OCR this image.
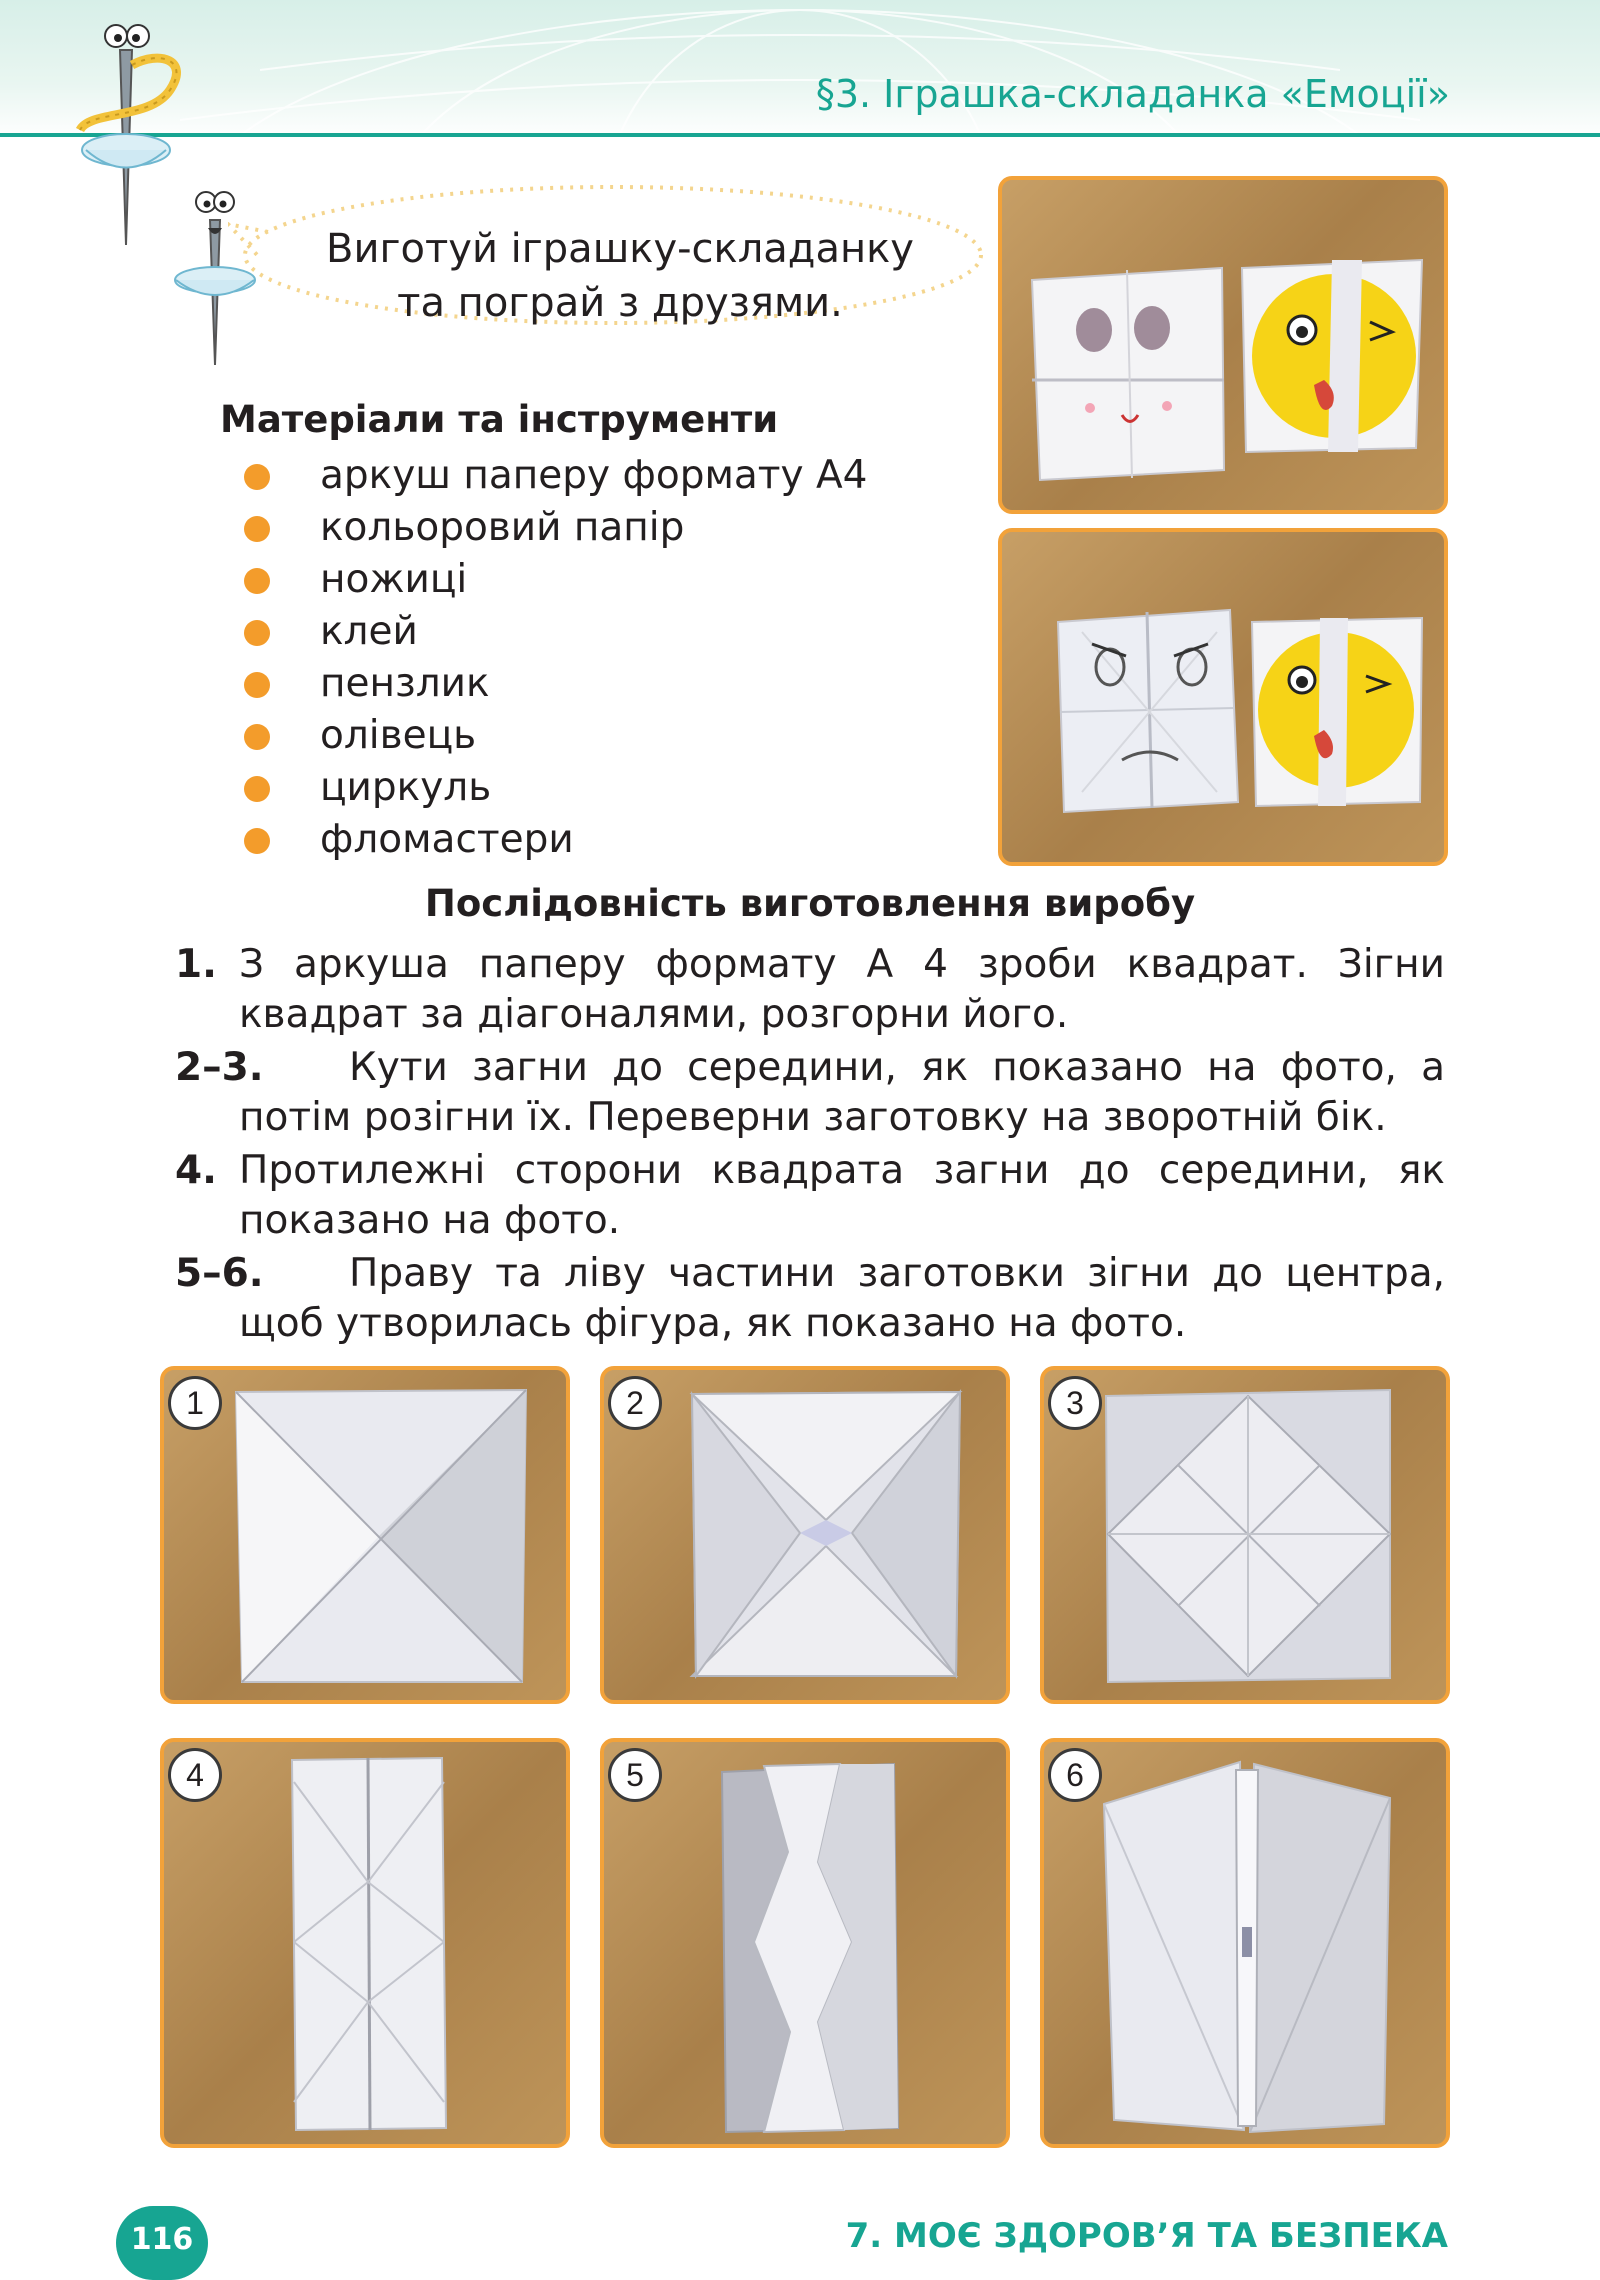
§3. Іграшка-складанка «Емоції»
Виготуй іграшку-складанку
та пограй з друзями.
Матеріали та інструменти
аркуш паперу формату А4
кольоровий папір
ножиці
клей
пензлик
олівець
циркуль
фломастери
Послідовність виготовлення виробу
1. З аркуша паперу формату А 4 зроби квадрат. Зігни квадрат за діагоналями, розгорни його.
2–3.	Кути загни до середини, як показано на фото, а потім розігни їх. Переверни заготовку на зворотній бік.
4. Протилежні сторони квадрата загни до середини, як показано на фото.
5–6.	Праву та ліву частини заготовки зігни до центра, щоб утворилась фігура, як показано на фото.
1	2	3
4	5	6
116	7. МОЄ ЗДОРОВ’Я ТА БЕЗПЕКА
